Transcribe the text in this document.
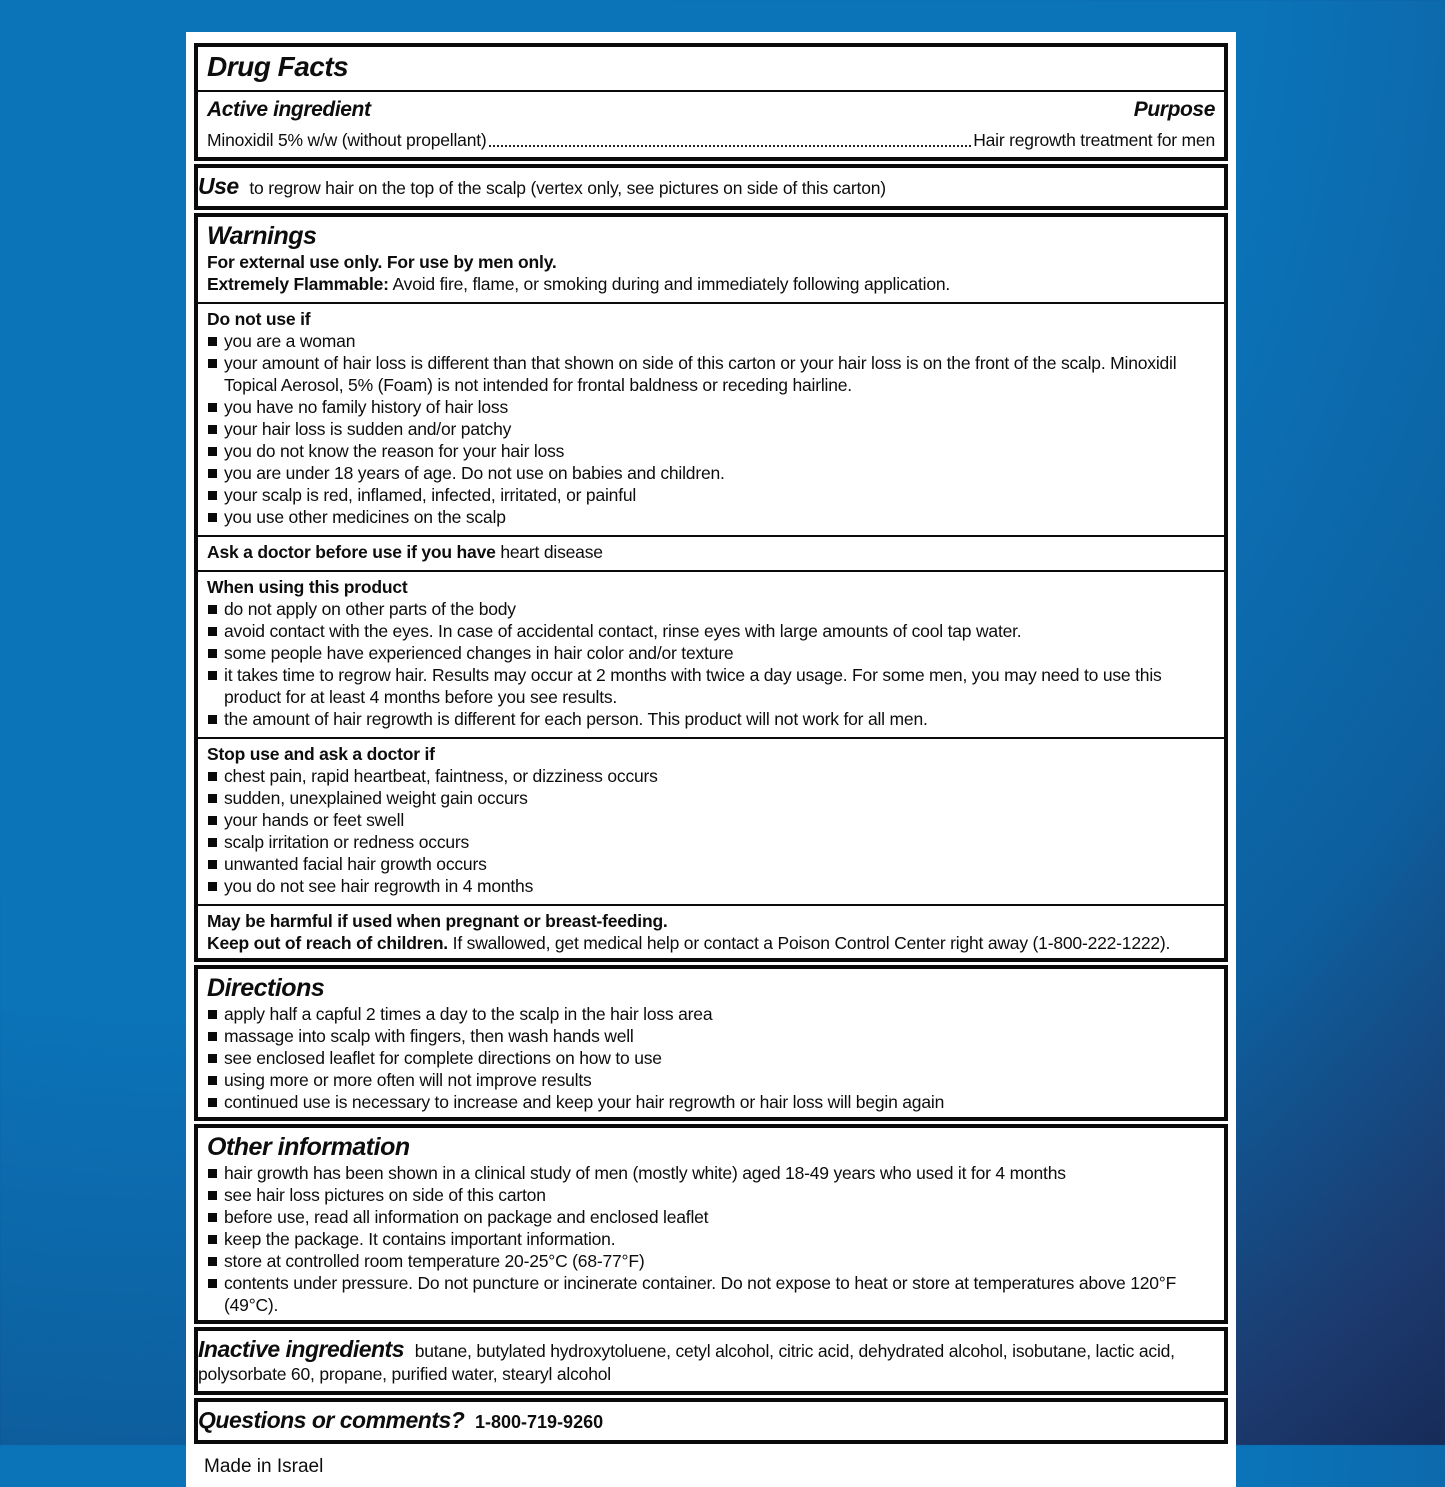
Drug Facts
Active ingredient	Purpose
Minoxidil 5% w/w (without propellant)	Hair regrowth treatment for men
Use to regrow hair on the top of the scalp (vertex only, see pictures on side of this carton)
Warnings
For external use only. For use by men only.
Extremely Flammable: Avoid fire, flame, or smoking during and immediately following application.
Do not use if
you are a woman
your amount of hair loss is different than that shown on side of this carton or your hair loss is on the front of the scalp. Minoxidil Topical Aerosol, 5% (Foam) is not intended for frontal baldness or receding hairline.
you have no family history of hair loss
your hair loss is sudden and/or patchy
you do not know the reason for your hair loss
you are under 18 years of age. Do not use on babies and children.
your scalp is red, inflamed, infected, irritated, or painful
you use other medicines on the scalp
Ask a doctor before use if you have heart disease
When using this product
do not apply on other parts of the body
avoid contact with the eyes. In case of accidental contact, rinse eyes with large amounts of cool tap water.
some people have experienced changes in hair color and/or texture
it takes time to regrow hair. Results may occur at 2 months with twice a day usage. For some men, you may need to use this product for at least 4 months before you see results.
the amount of hair regrowth is different for each person. This product will not work for all men.
Stop use and ask a doctor if
chest pain, rapid heartbeat, faintness, or dizziness occurs
sudden, unexplained weight gain occurs
your hands or feet swell
scalp irritation or redness occurs
unwanted facial hair growth occurs
you do not see hair regrowth in 4 months
May be harmful if used when pregnant or breast-feeding.
Keep out of reach of children. If swallowed, get medical help or contact a Poison Control Center right away (1-800-222-1222).
Directions
apply half a capful 2 times a day to the scalp in the hair loss area
massage into scalp with fingers, then wash hands well
see enclosed leaflet for complete directions on how to use
using more or more often will not improve results
continued use is necessary to increase and keep your hair regrowth or hair loss will begin again
Other information
hair growth has been shown in a clinical study of men (mostly white) aged 18-49 years who used it for 4 months
see hair loss pictures on side of this carton
before use, read all information on package and enclosed leaflet
keep the package. It contains important information.
store at controlled room temperature 20-25°C (68-77°F)
contents under pressure. Do not puncture or incinerate container. Do not expose to heat or store at temperatures above 120°F (49°C).
Inactive ingredients butane, butylated hydroxytoluene, cetyl alcohol, citric acid, dehydrated alcohol, isobutane, lactic acid, polysorbate 60, propane, purified water, stearyl alcohol
Questions or comments? 1-800-719-9260
Made in Israel
